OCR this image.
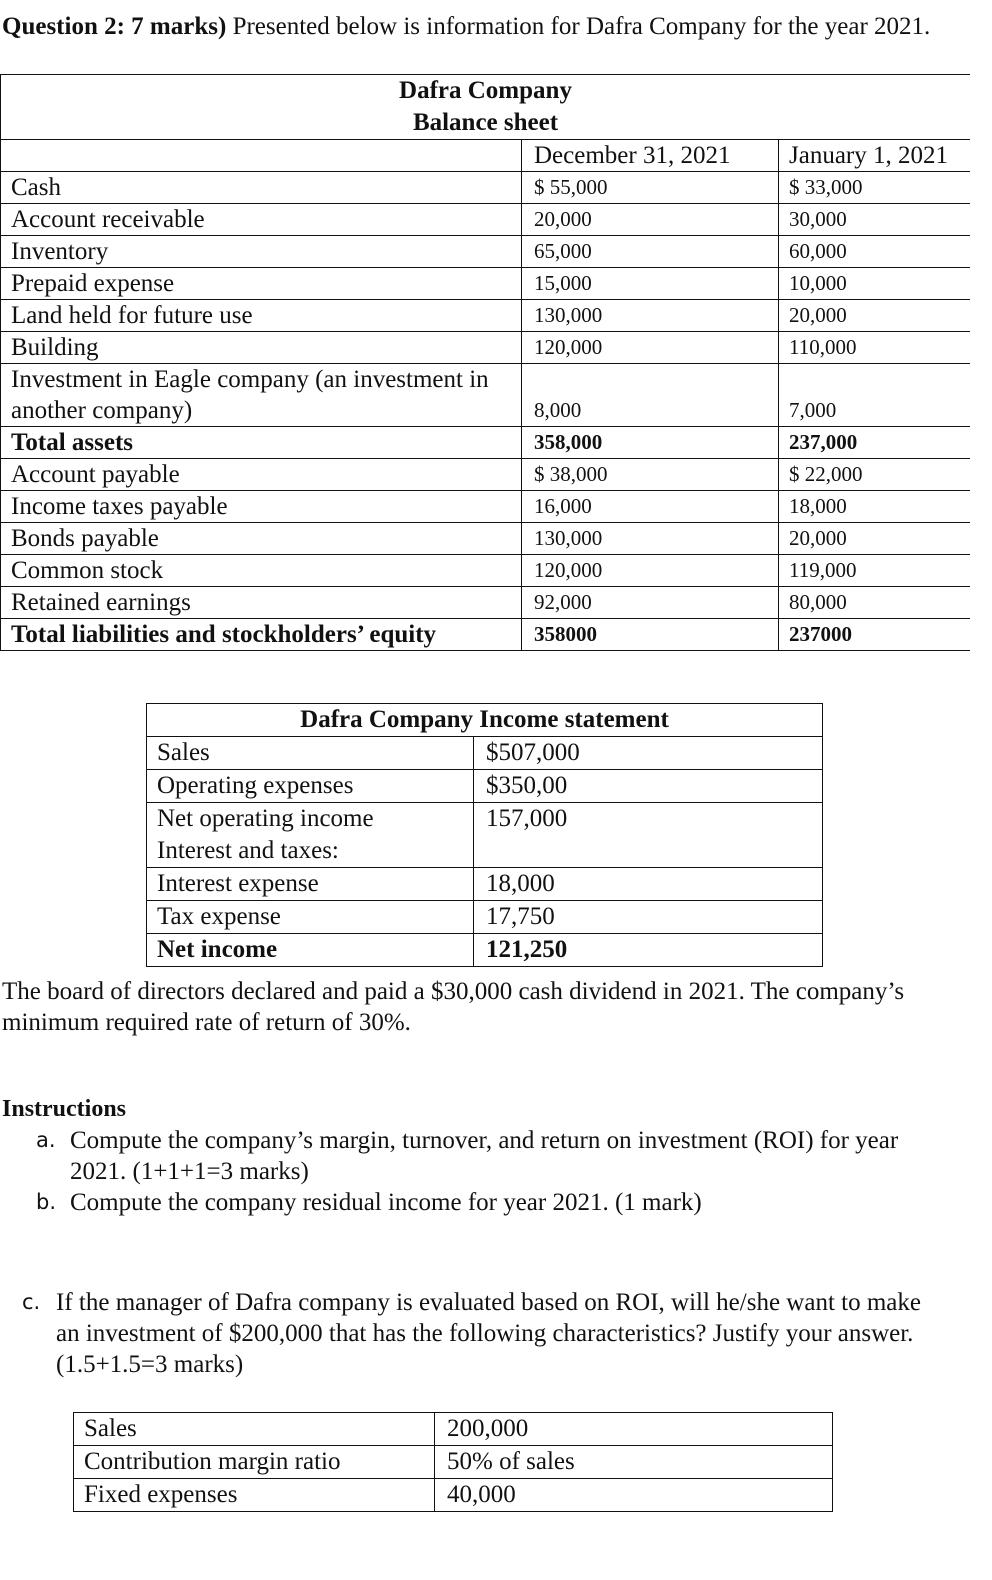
Question 2: 7 marks) Presented below is information for Dafra Company for the year 2021.
Dafra Company
Balance sheet		

	December 31, 2021	January 1, 2021
Cash	$ 55,000	$ 33,000
Account receivable	20,000	30,000
Inventory	65,000	60,000
Prepaid expense	15,000	10,000
Land held for future use	130,000	20,000
Building	120,000	110,000
Investment in Eagle company (an investment in another company)	8,000	7,000
Total assets	358,000	237,000
Account payable	$ 38,000	$ 22,000
Income taxes payable	16,000	18,000
Bonds payable	130,000	20,000
Common stock	120,000	119,000
Retained earnings	92,000	80,000
Total liabilities and stockholders’ equity	358000	237000
Dafra Company Income statement	
Sales	$507,000
Operating expenses	$350,00
Net operating income	157,000
Interest and taxes:	
Interest expense	18,000
Tax expense	17,750
Net income	121,250
The board of directors declared and paid a $30,000 cash dividend in 2021. The company’s minimum required rate of return of 30%.
Instructions
a. Compute the company’s margin, turnover, and return on investment (ROI) for year 2021. (1+1+1=3 marks)
b. Compute the company residual income for year 2021. (1 mark)
c. If the manager of Dafra company is evaluated based on ROI, will he/she want to make an investment of $200,000 that has the following characteristics? Justify your answer. (1.5+1.5=3 marks)
Sales	200,000
Contribution margin ratio	50% of sales
Fixed expenses	40,000
